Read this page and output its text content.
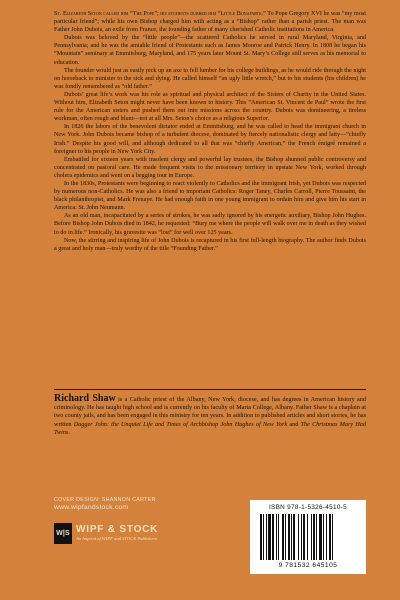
St. Elizabeth Seton called him “The Pope”; his students dubbed him “Little Bonaparte.” To Pope Gregory XVI he was “my most particular friend”; while his own Bishop charged him with acting as a “Bishop” rather than a parish priest. The man was Father John Dubois, an exile from France, the founding father of many cherished Catholic institutions in America.

Dubois was beloved by the “little people”—the scattered Catholics he served in rural Maryland, Virginia, and Pennsylvania; and he was the amiable friend of Protestants such as James Monroe and Patrick Henry. In 1808 he began his “Mountain” seminary at Emmitsburg, Maryland, and 175 years later Mount St. Mary’s College still serves as his memorial to education.

The founder would just as easily pick up an axe to fell lumber for his college buildings, as he would ride through the night on horseback to minister to the sick and dying. He called himself “an ugly little wretch,” but to his students (his children) he was fondly remembered as “old father.”

Dubois’ great life’s work was his role as spiritual and physical architect of the Sisters of Charity in the United States. Without him, Elizabeth Seton might never have been known to history. This “American St. Vincent de Paul” wrote the first rule for the American sisters and pushed them out into missions across the country. Dubois was domineering, a tireless workman, often rough and blunt—not at all Mrs. Seton’s choice as a religious Superior.

In 1826 the labors of the benevolent dictator ended at Emmitsburg, and he was called to head the immigrant church in New York. John Dubois became bishop of a turbulent diocese, dominated by fiercely nationalistic clergy and laity—“chiefly Irish.” Despite his good will, and although dedicated to all that was “chiefly American,” the French émigré remained a foreigner to his people in New York City.

Embattled for sixteen years with insolent clergy and powerful lay trustees, the Bishop shunned public controversy and concentrated on pastoral care. He made frequent visits to the missionary territory in upstate New York, worked through cholera epidemics and went on a begging tour in Europe.

In the 1830s, Protestants were beginning to react violently to Catholics and the immigrant Irish, yet Dubois was respected by numerous non-Catholics. He was also a friend to important Catholics: Roger Taney, Charles Carroll, Pierre Toussaint, the black philanthropist, and Mark Frenaye. He had enough faith in one young immigrant to ordain him and give him his start in America: St. John Neumann.

As an old man, incapacitated by a series of strokes, he was sadly ignored by his energetic auxiliary, Bishop John Hughes. Before Bishop John Dubois died in 1842, he requested: “Bury me where the people will walk over me in death as they wished to do in life.” Ironically, his gravesite was “lost” for well over 125 years.

Now, the stirring and inspiring life of John Dubois is recaptured in his first full-length biography. The author finds Dubois a great and holy man—truly worthy of the title “Founding Father.”

Richard Shaw is a Catholic priest of the Albany, New York, diocese, and has degrees in American history and criminology. He has taught high school and is currently on his faculty of Maria College, Albany. Father Shaw is a chaplain at two county jails, and has been engaged in this ministry for ten years. In addition to published articles and short stories, he has written Dagger John: the Unquiet Life and Times of Archbishop John Hughes of New York and The Christmas Mary Had Twins.
COVER DESIGN: SHANNON CARTER
www.wipfandstock.com
W|S WIPF & STOCK
An Imprint of WIPF and STOCK Publishers
ISBN 978-1-5326-4510-5
9 781532 645105
